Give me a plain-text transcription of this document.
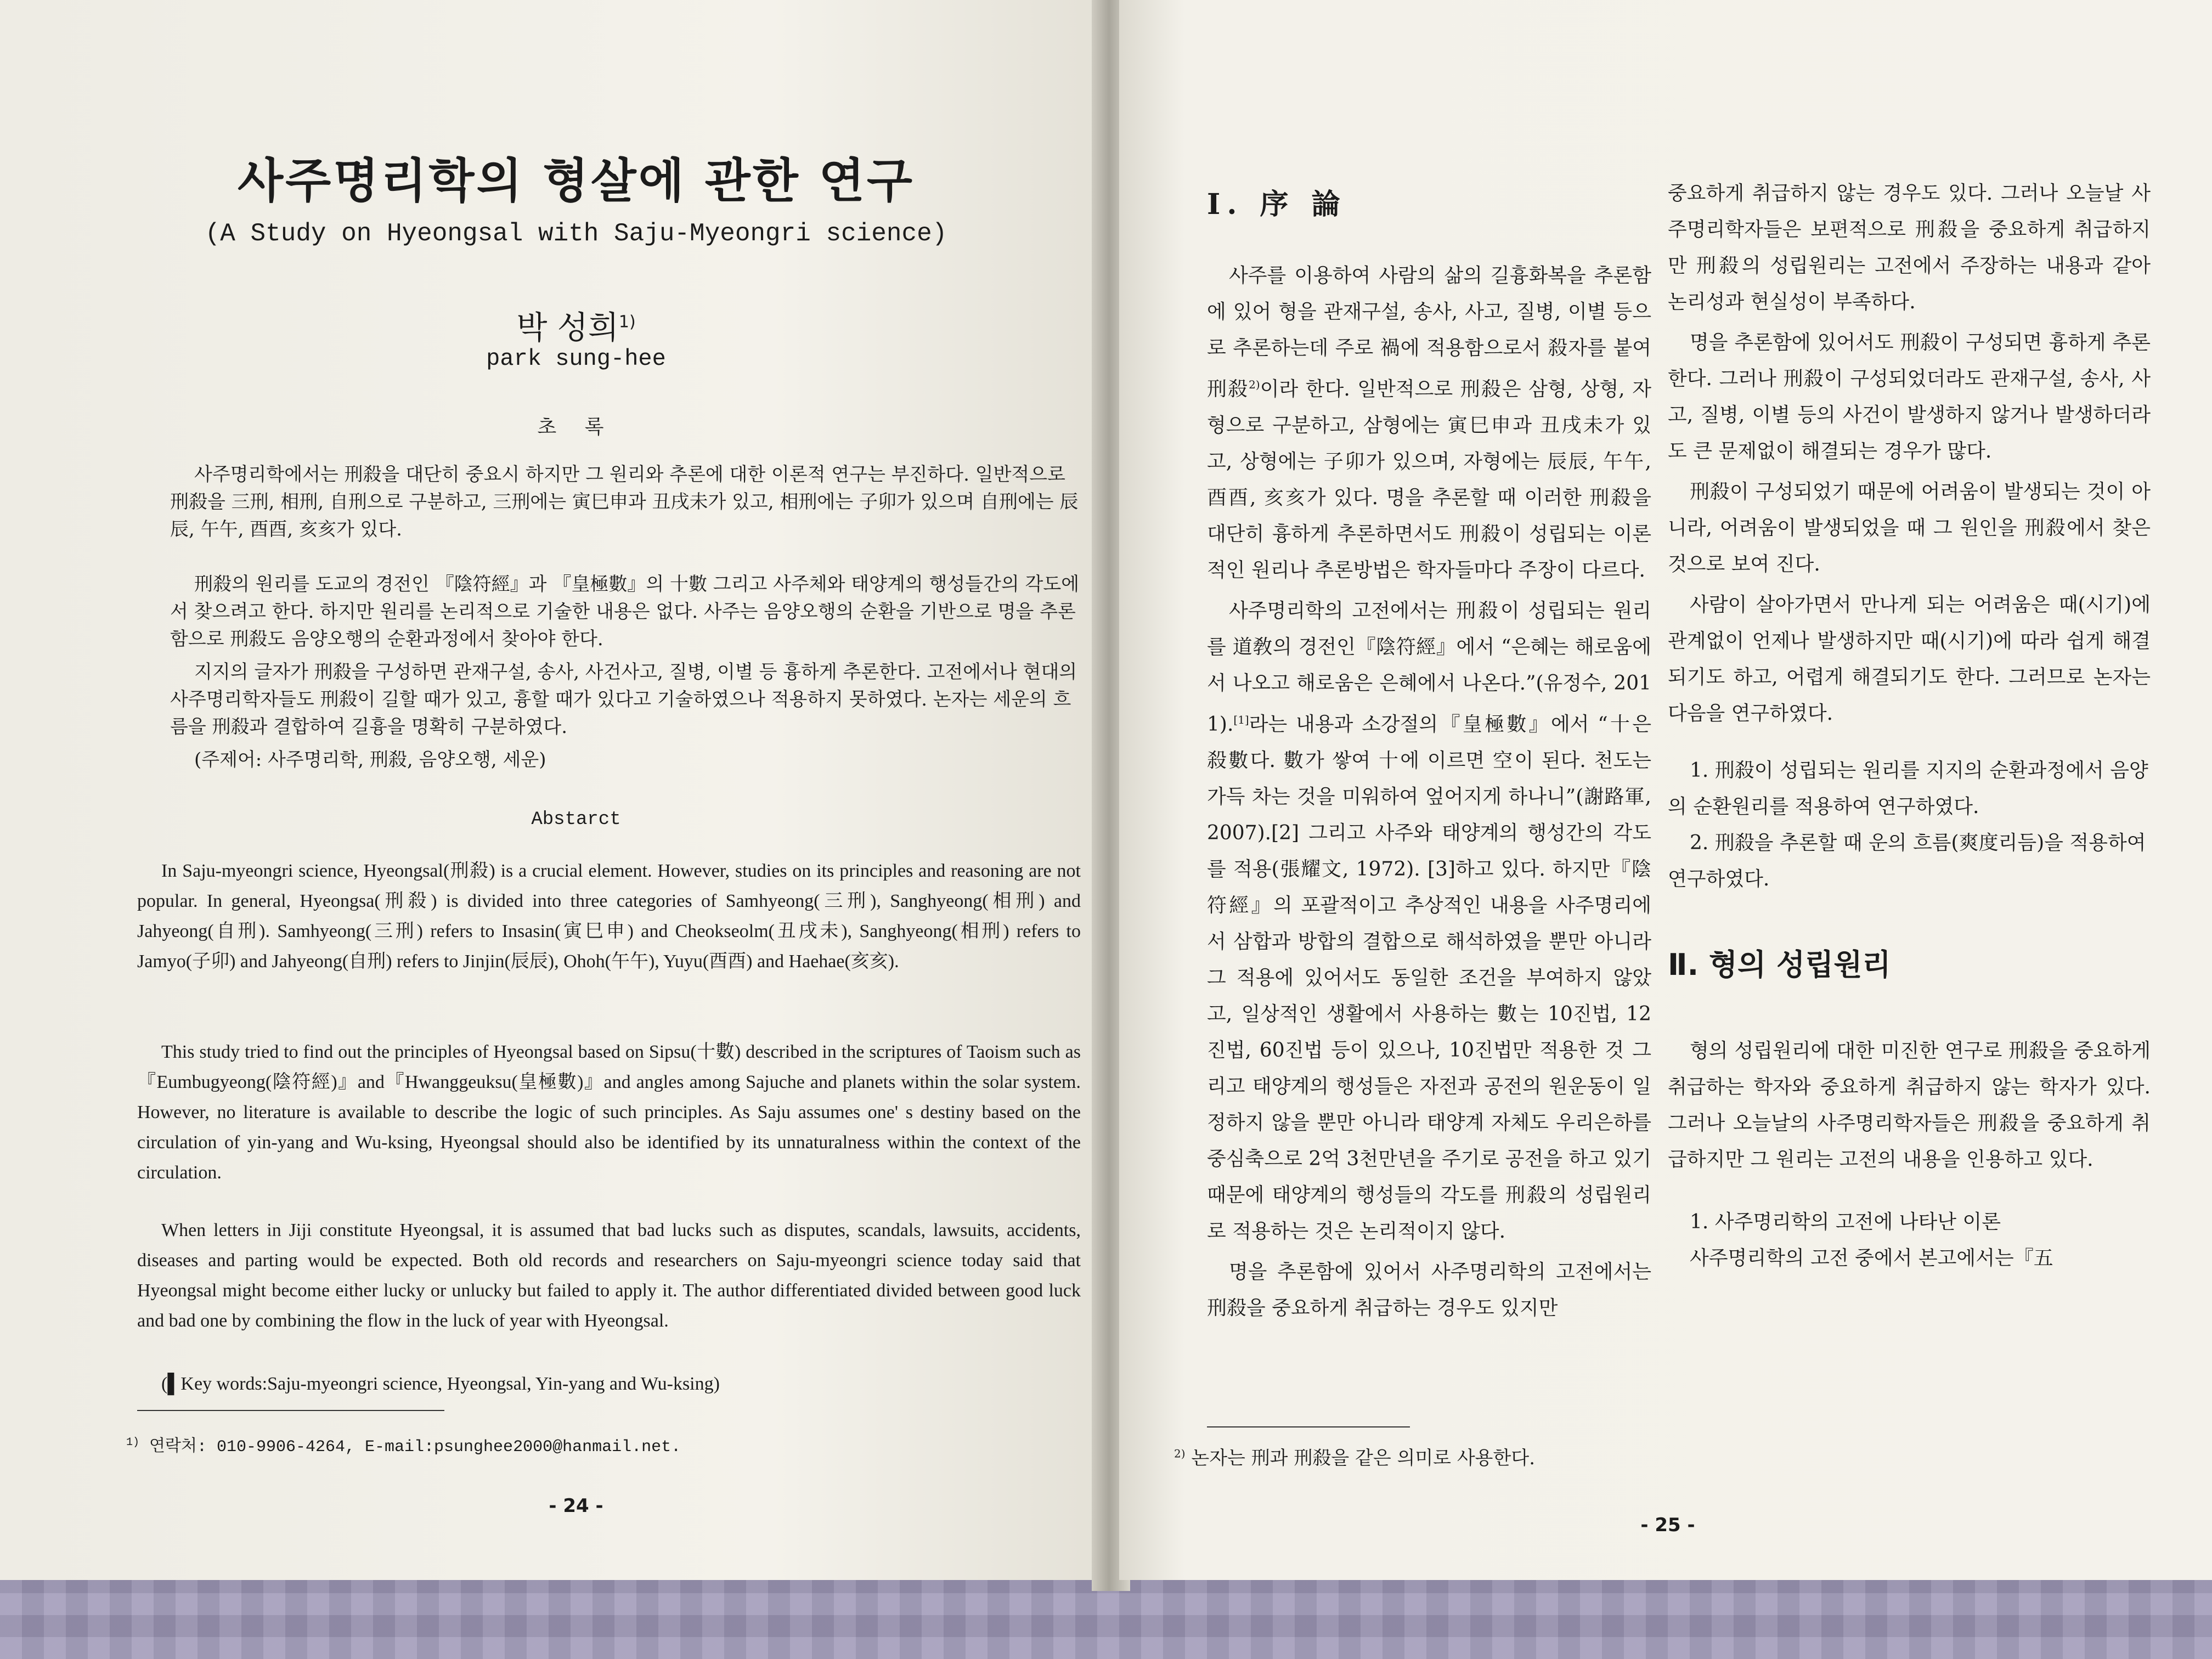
사주명리학의 형살에 관한 연구
(A Study on Hyeongsal with Saju-Myeongri science)
박 성희$^{1)}$
park sung-hee
초 록

사주명리학에서는 刑殺을 대단히 중요시 하지만 그 원리와 추론에 대한 이론적 연구는 부진하다. 일반적으로 刑殺을 三刑, 相刑, 自刑으로 구분하고, 三刑에는 寅巳申과 丑戌未가 있고, 相刑에는 子卯가 있으며 自刑에는 辰辰, 午午, 酉酉, 亥亥가 있다.

刑殺의 원리를 도교의 경전인 『陰符經』과 『皇極數』의 十數 그리고 사주체와 태양계의 행성들간의 각도에서 찾으려고 한다. 하지만 원리를 논리적으로 기술한 내용은 없다. 사주는 음양오행의 순환을 기반으로 명을 추론함으로 刑殺도 음양오행의 순환과정에서 찾아야 한다.

지지의 글자가 刑殺을 구성하면 관재구설, 송사, 사건사고, 질병, 이별 등 흉하게 추론한다. 고전에서나 현대의 사주명리학자들도 刑殺이 길할 때가 있고, 흉할 때가 있다고 기술하였으나 적용하지 못하였다. 논자는 세운의 흐름을 刑殺과 결합하여 길흉을 명확히 구분하였다.

(주제어: 사주명리학, 刑殺, 음양오행, 세운)

Abstarct

In Saju-myeongri science, Hyeongsal(刑殺) is a crucial element. However, studies on its principles and reasoning are not popular. In general, Hyeongsa(刑殺) is divided into three categories of Samhyeong(三刑), Sanghyeong(相刑) and Jahyeong(自刑). Samhyeong(三刑) refers to Insasin(寅巳申) and Cheokseolm(丑戌未), Sanghyeong(相刑) refers to Jamyo(子卯) and Jahyeong(自刑) refers to Jinjin(辰辰), Ohoh(午午), Yuyu(酉酉) and Haehae(亥亥).

This study tried to find out the principles of Hyeongsal based on Sipsu(十數) described in the scriptures of Taoism such as『Eumbugyeong(陰符經)』and『Hwanggeuksu(皇極數)』and angles among Sajuche and planets within the solar system. However, no literature is available to describe the logic of such principles. As Saju assumes one' s destiny based on the circulation of yin-yang and Wu-ksing, Hyeongsal should also be identified by its unnaturalness within the context of the circulation.

When letters in Jiji constitute Hyeongsal, it is assumed that bad lucks such as disputes, scandals, lawsuits, accidents, diseases and parting would be expected. Both old records and researchers on Saju-myeongri science today said that Hyeongsal might become either lucky or unlucky but failed to apply it. The author differentiated divided between good luck and bad one by combining the flow in the luck of year with Hyeongsal.

(▌Key words:Saju-myeongri science, Hyeongsal, Yin-yang and Wu-ksing)

$^{1)}$ 연락처: 010-9906-4264, E-mail:psunghee2000@hanmail.net.
- 24 -
Ⅰ. 序 論

사주를 이용하여 사람의 삶의 길흉화복을 추론함에 있어 형을 관재구설, 송사, 사고, 질병, 이별 등으로 추론하는데 주로 禍에 적용함으로서 殺자를 붙여 刑殺$^{2)}$이라 한다. 일반적으로 刑殺은 삼형, 상형, 자형으로 구분하고, 삼형에는 寅巳申과 丑戌未가 있고, 상형에는 子卯가 있으며, 자형에는 辰辰, 午午, 酉酉, 亥亥가 있다. 명을 추론할 때 이러한 刑殺을 대단히 흉하게 추론하면서도 刑殺이 성립되는 이론적인 원리나 추론방법은 학자들마다 주장이 다르다.

사주명리학의 고전에서는 刑殺이 성립되는 원리를 道敎의 경전인『陰符經』에서 “은혜는 해로움에서 나오고 해로움은 은혜에서 나온다.”(유정수, 201 1).[1]라는 내용과 소강절의『皇極數』에서 “十은 殺數다. 數가 쌓여 十에 이르면 空이 된다. 천도는 가득 차는 것을 미워하여 엎어지게 하나니”(謝路軍, 2007).[2] 그리고 사주와 태양계의 행성간의 각도를 적용(張耀文, 1972). [3]하고 있다. 하지만『陰符經』의 포괄적이고 추상적인 내용을 사주명리에서 삼합과 방합의 결합으로 해석하였을 뿐만 아니라 그 적용에 있어서도 동일한 조건을 부여하지 않았고, 일상적인 생활에서 사용하는 數는 10진법, 12진법, 60진법 등이 있으나, 10진법만 적용한 것 그리고 태양계의 행성들은 자전과 공전의 원운동이 일정하지 않을 뿐만 아니라 태양계 자체도 우리은하를 중심축으로 2억 3천만년을 주기로 공전을 하고 있기 때문에 태양계의 행성들의 각도를 刑殺의 성립원리로 적용하는 것은 논리적이지 않다.

명을 추론함에 있어서 사주명리학의 고전에서는 刑殺을 중요하게 취급하는 경우도 있지만

중요하게 취급하지 않는 경우도 있다. 그러나 오늘날 사주명리학자들은 보편적으로 刑殺을 중요하게 취급하지만 刑殺의 성립원리는 고전에서 주장하는 내용과 같아 논리성과 현실성이 부족하다.

명을 추론함에 있어서도 刑殺이 구성되면 흉하게 추론한다. 그러나 刑殺이 구성되었더라도 관재구설, 송사, 사고, 질병, 이별 등의 사건이 발생하지 않거나 발생하더라도 큰 문제없이 해결되는 경우가 많다.

刑殺이 구성되었기 때문에 어려움이 발생되는 것이 아니라, 어려움이 발생되었을 때 그 원인을 刑殺에서 찾은 것으로 보여 진다.

사람이 살아가면서 만나게 되는 어려움은 때(시기)에 관계없이 언제나 발생하지만 때(시기)에 따라 쉽게 해결되기도 하고, 어렵게 해결되기도 한다. 그러므로 논자는 다음을 연구하였다.

1. 刑殺이 성립되는 원리를 지지의 순환과정에서 음양의 순환원리를 적용하여 연구하였다.

2. 刑殺을 추론할 때 운의 흐름(爽度리듬)을 적용하여 연구하였다.

Ⅱ. 형의 성립원리

형의 성립원리에 대한 미진한 연구로 刑殺을 중요하게 취급하는 학자와 중요하게 취급하지 않는 학자가 있다. 그러나 오늘날의 사주명리학자들은 刑殺을 중요하게 취급하지만 그 원리는 고전의 내용을 인용하고 있다.

1. 사주명리학의 고전에 나타난 이론

사주명리학의 고전 중에서 본고에서는『五

$^{2)}$ 논자는 刑과 刑殺을 같은 의미로 사용한다.
- 25 -
